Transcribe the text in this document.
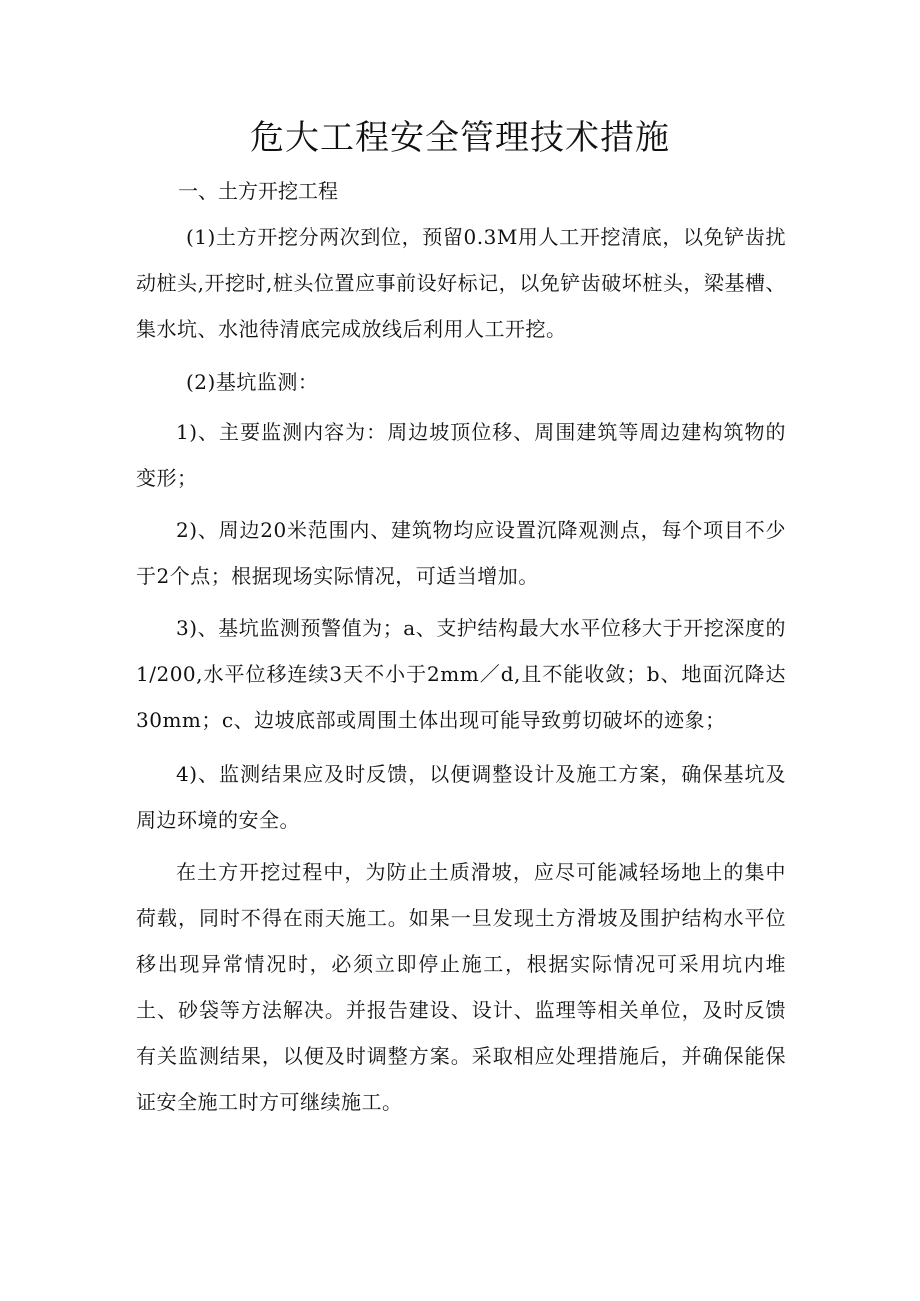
危大工程安全管理技术措施

一、土方开挖工程

(1)土方开挖分两次到位，预留0.3M用人工开挖清底，以免铲齿扰动桩头,开挖时,桩头位置应事前设好标记，以免铲齿破坏桩头，梁基槽、集水坑、水池待清底完成放线后利用人工开挖。

(2)基坑监测：

1)、主要监测内容为：周边坡顶位移、周围建筑等周边建构筑物的变形；

2)、周边20米范围内、建筑物均应设置沉降观测点，每个项目不少于2个点；根据现场实际情况，可适当增加。

3)、基坑监测预警值为；a、支护结构最大水平位移大于开挖深度的1/200,水平位移连续3天不小于2mm／d,且不能收敛；b、地面沉降达30mm；c、边坡底部或周围土体出现可能导致剪切破坏的迹象；

4)、监测结果应及时反馈，以便调整设计及施工方案，确保基坑及周边环境的安全。

在土方开挖过程中，为防止土质滑坡，应尽可能减轻场地上的集中荷载，同时不得在雨天施工。如果一旦发现土方滑坡及围护结构水平位移出现异常情况时，必须立即停止施工，根据实际情况可采用坑内堆土、砂袋等方法解决。并报告建设、设计、监理等相关单位，及时反馈有关监测结果，以便及时调整方案。采取相应处理措施后，并确保能保证安全施工时方可继续施工。
